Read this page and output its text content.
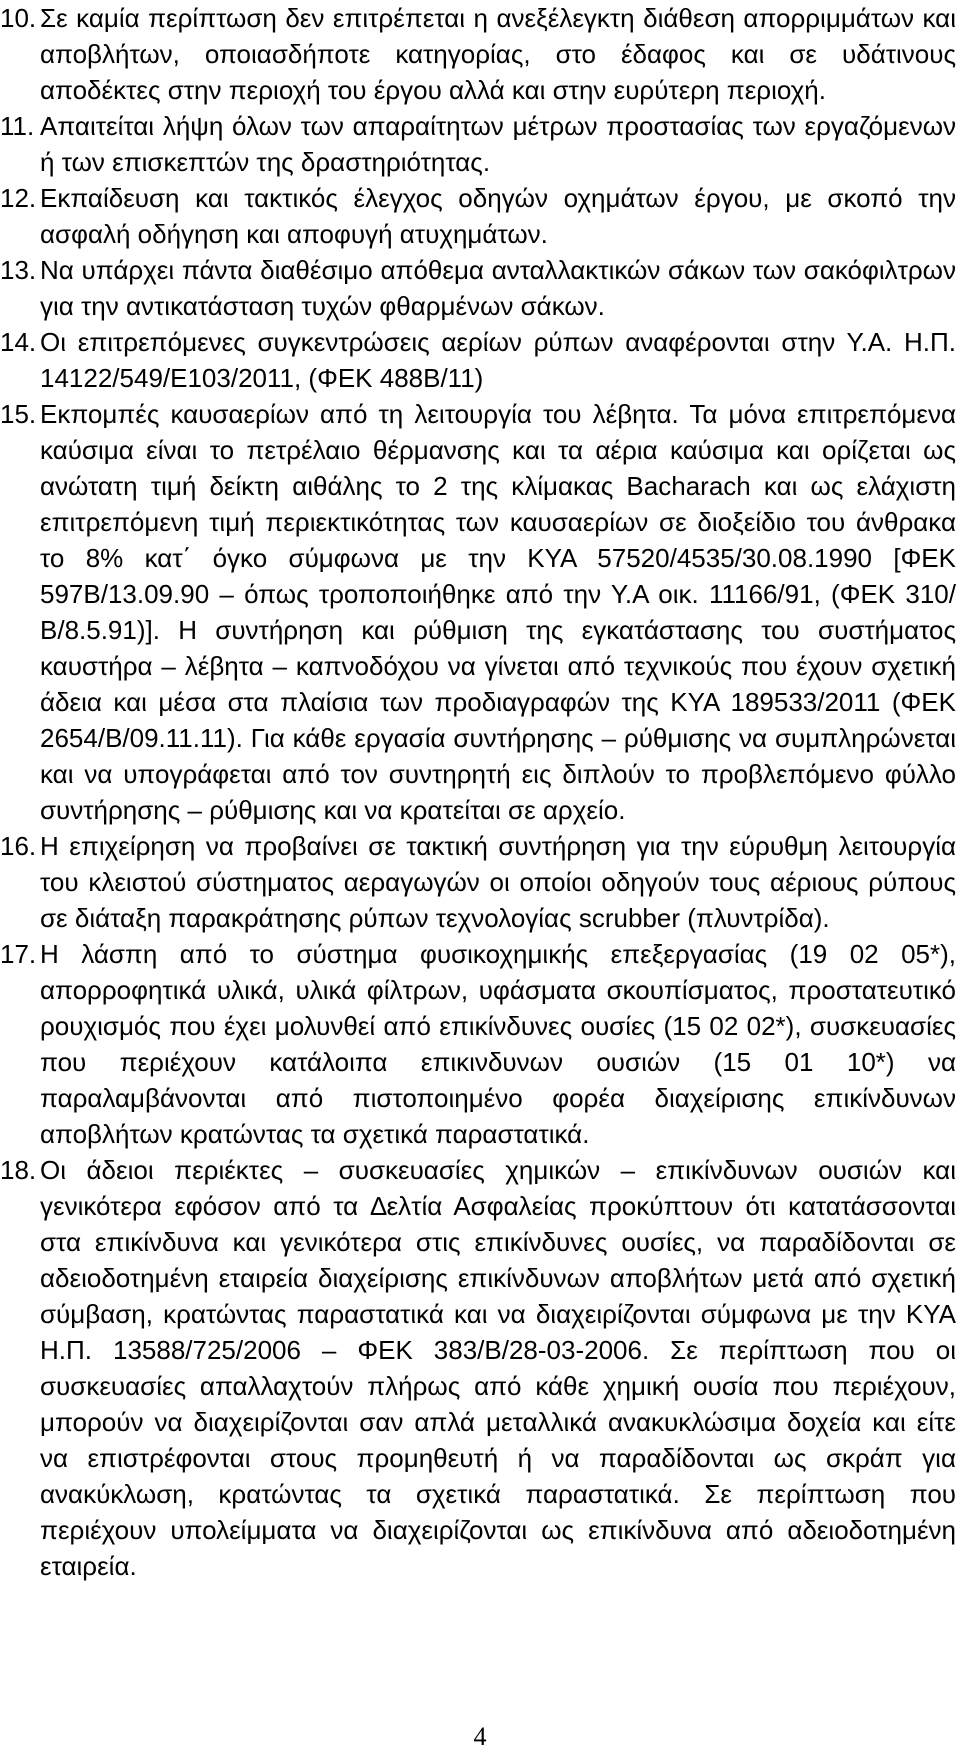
10. Σε καμία περίπτωση δεν επιτρέπεται η ανεξέλεγκτη διάθεση απορριμμάτων και αποβλήτων, οποιασδήποτε κατηγορίας, στο έδαφος και σε υδάτινους αποδέκτες στην περιοχή του έργου αλλά και στην ευρύτερη περιοχή.
11. Απαιτείται λήψη όλων των απαραίτητων μέτρων προστασίας των εργαζόμενων ή των επισκεπτών της δραστηριότητας.
12. Εκπαίδευση και τακτικός έλεγχος οδηγών οχημάτων έργου, με σκοπό την ασφαλή οδήγηση και αποφυγή ατυχημάτων.
13. Να υπάρχει πάντα διαθέσιμο απόθεμα ανταλλακτικών σάκων των σακόφιλτρων για την αντικατάσταση τυχών φθαρμένων σάκων.
14. Οι επιτρεπόμενες συγκεντρώσεις αερίων ρύπων αναφέρονται στην Υ.Α. Η.Π. 14122/549/Ε103/2011, (ΦΕΚ 488Β/11)
15. Εκπομπές καυσαερίων από τη λειτουργία του λέβητα. Τα μόνα επιτρεπόμενα καύσιμα είναι το πετρέλαιο θέρμανσης και τα αέρια καύσιμα και ορίζεται ως ανώτατη τιμή δείκτη αιθάλης το 2 της κλίμακας Bacharach και ως ελάχιστη επιτρεπόμενη τιμή περιεκτικότητας των καυσαερίων σε διοξείδιο του άνθρακα το 8% κατ΄ όγκο σύμφωνα με την ΚΥΑ 57520/4535/30.08.1990 [ΦΕΚ 597Β/13.09.90 – όπως τροποποιήθηκε από την Υ.Α οικ. 11166/91, (ΦΕΚ 310/Β/8.5.91)]. Η συντήρηση και ρύθμιση της εγκατάστασης του συστήματος καυστήρα – λέβητα – καπνοδόχου να γίνεται από τεχνικούς που έχουν σχετική άδεια και μέσα στα πλαίσια των προδιαγραφών της ΚΥΑ 189533/2011 (ΦΕΚ 2654/Β/09.11.11). Για κάθε εργασία συντήρησης – ρύθμισης να συμπληρώνεται και να υπογράφεται από τον συντηρητή εις διπλούν το προβλεπόμενο φύλλο συντήρησης – ρύθμισης και να κρατείται σε αρχείο.
16. Η επιχείρηση να προβαίνει σε τακτική συντήρηση για την εύρυθμη λειτουργία του κλειστού σύστηματος αεραγωγών οι οποίοι οδηγούν τους αέριους ρύπους σε διάταξη παρακράτησης ρύπων τεχνολογίας scrubber (πλυντρίδα).
17. Η λάσπη από το σύστημα φυσικοχημικής επεξεργασίας (19 02 05*), απορροφητικά υλικά, υλικά φίλτρων, υφάσματα σκουπίσματος, προστατευτικό ρουχισμός που έχει μολυνθεί από επικίνδυνες ουσίες (15 02 02*), συσκευασίες που περιέχουν κατάλοιπα επικινδυνων ουσιών (15 01 10*) να παραλαμβάνονται από πιστοποιημένο φορέα διαχείρισης επικίνδυνων αποβλήτων κρατώντας τα σχετικά παραστατικά.
18. Οι άδειοι περιέκτες – συσκευασίες χημικών – επικίνδυνων ουσιών και γενικότερα εφόσον από τα ∆ελτία Ασφαλείας προκύπτουν ότι κατατάσσονται στα επικίνδυνα και γενικότερα στις επικίνδυνες ουσίες, να παραδίδονται σε αδειοδοτημένη εταιρεία διαχείρισης επικίνδυνων αποβλήτων μετά από σχετική σύμβαση, κρατώντας παραστατικά και να διαχειρίζονται σύμφωνα με την ΚΥΑ Η.Π. 13588/725/2006 – ΦΕΚ 383/Β/28-03-2006. Σε περίπτωση που οι συσκευασίες απαλλαχτούν πλήρως από κάθε χημική ουσία που περιέχουν, μπορούν να διαχειρίζονται σαν απλά μεταλλικά ανακυκλώσιμα δοχεία και είτε να επιστρέφονται στους προμηθευτή ή να παραδίδονται ως σκράπ για ανακύκλωση, κρατώντας τα σχετικά παραστατικά. Σε περίπτωση που περιέχουν υπολείμματα να διαχειρίζονται ως επικίνδυνα από αδειοδοτημένη εταιρεία.
4
